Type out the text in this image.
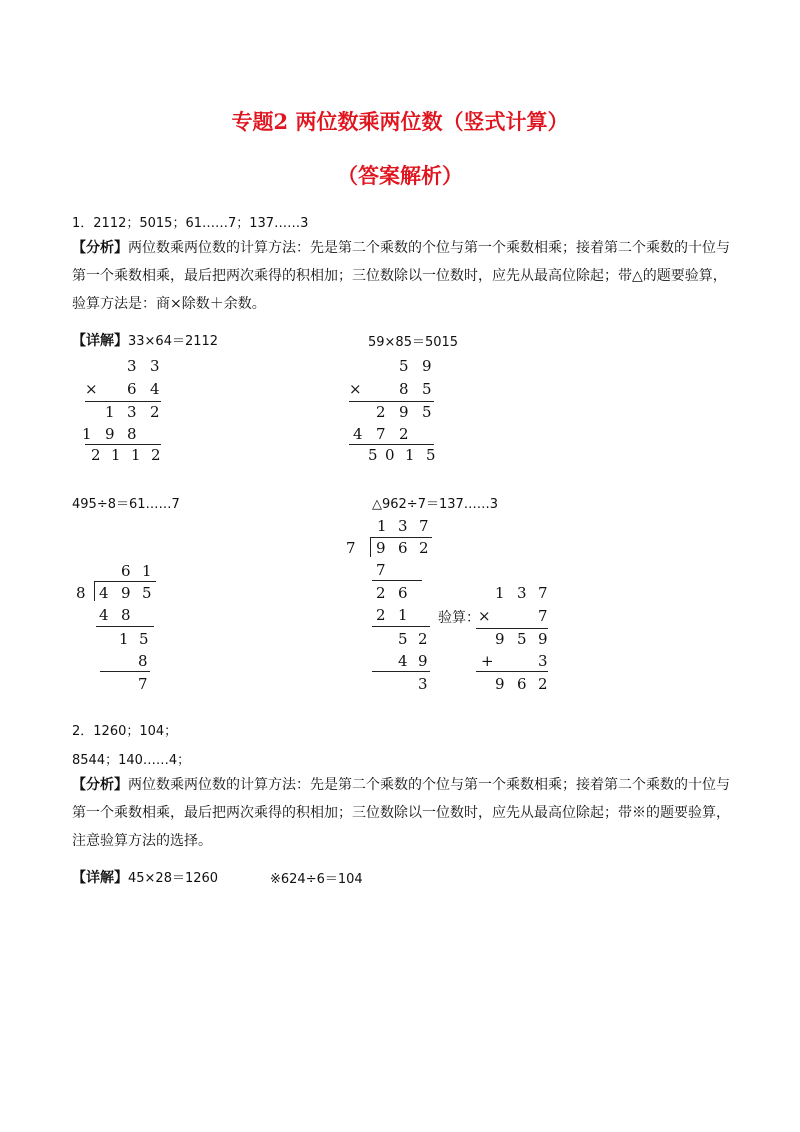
专题2 两位数乘两位数（竖式计算）
（答案解析）
1．2112；5015；61……7；137……3
【分析】两位数乘两位数的计算方法：先是第二个乘数的个位与第一个乘数相乘；接着第二个乘数的十位与第一个乘数相乘，最后把两次乘得的积相加；三位数除以一位数时，应先从最高位除起；带△的题要验算，验算方法是：商×除数＋余数。
【详解】33×64＝2112	59×85＝5015
3 3
× 6 4
1 3 2
1 9 8
2 1 1 2
5 9
× 8 5
2 9 5
4 7 2
5 0 1 5
495÷8＝61……7	△962÷7＝137……3
6 1
8 4 9 5
4 8
1 5
8
7
1 3 7
7 9 6 2
7
2 6
2 1
5 2
4 9
3
验算：
1 3 7
×	7
9 5 9
+	3
9 6 2
2．1260；104；
8544；140……4；
【分析】两位数乘两位数的计算方法：先是第二个乘数的个位与第一个乘数相乘；接着第二个乘数的十位与第一个乘数相乘，最后把两次乘得的积相加；三位数除以一位数时，应先从最高位除起；带※的题要验算，注意验算方法的选择。
【详解】45×28＝1260	※624÷6＝104
